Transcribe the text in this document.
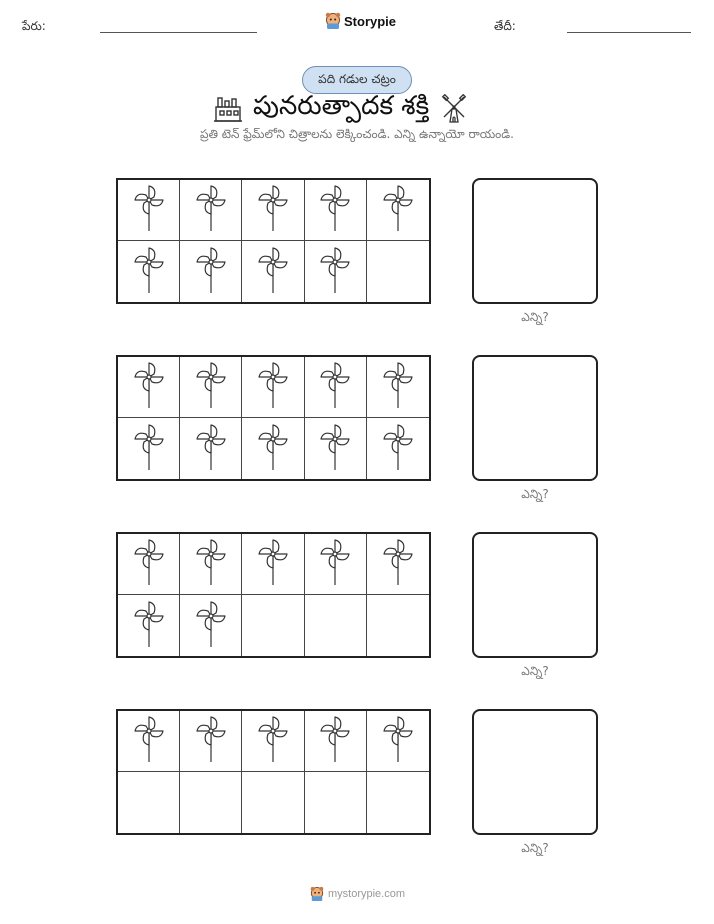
పేరు:	Storypie	తేదీ:
పది గడుల చట్రం
పునరుత్పాదక శక్తి
ప్రతి టెన్ ఫ్రేమ్‌లోని చిత్రాలను లెక్కించండి. ఎన్ని ఉన్నాయో రాయండి.
ఎన్ని?
ఎన్ని?
ఎన్ని?
ఎన్ని?
mystorypie.com
